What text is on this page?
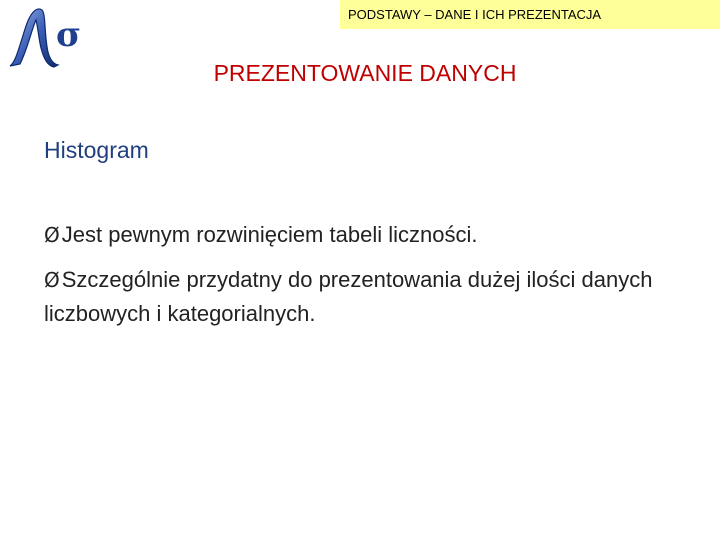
σ
PODSTAWY – DANE I ICH PREZENTACJA
PREZENTOWANIE DANYCH
Histogram
ØJest pewnym rozwinięciem tabeli liczności.
ØSzczególnie przydatny do prezentowania dużej ilości danych liczbowych i kategorialnych.
